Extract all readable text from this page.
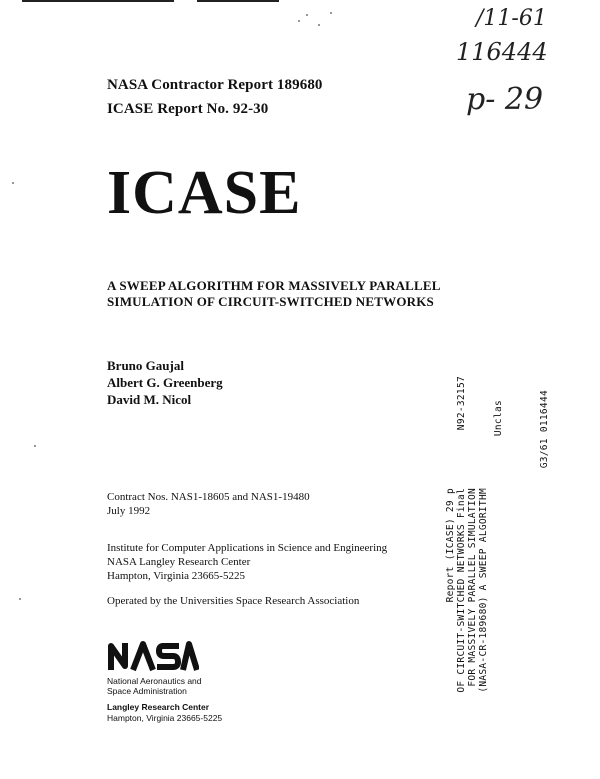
/11-61
116444
p- 29
NASA Contractor Report 189680
ICASE Report No. 92-30
ICASE
A SWEEP ALGORITHM FOR MASSIVELY PARALLEL
SIMULATION OF CIRCUIT-SWITCHED NETWORKS
Bruno Gaujal
Albert G. Greenberg
David M. Nicol
Contract Nos. NAS1-18605 and NAS1-19480
July 1992
Institute for Computer Applications in Science and Engineering
NASA Langley Research Center
Hampton, Virginia 23665-5225
Operated by the Universities Space Research Association
National Aeronautics and
Space Administration
Langley Research Center
Hampton, Virginia 23665-5225
N92-32157	Unclas	G3/61 0116444
(NASA-CR-189680) A SWEEP ALGORITHM
FOR MASSIVELY PARALLEL SIMULATION
OF CIRCUIT-SWITCHED NETWORKS Final
Report (ICASE) 29 p
